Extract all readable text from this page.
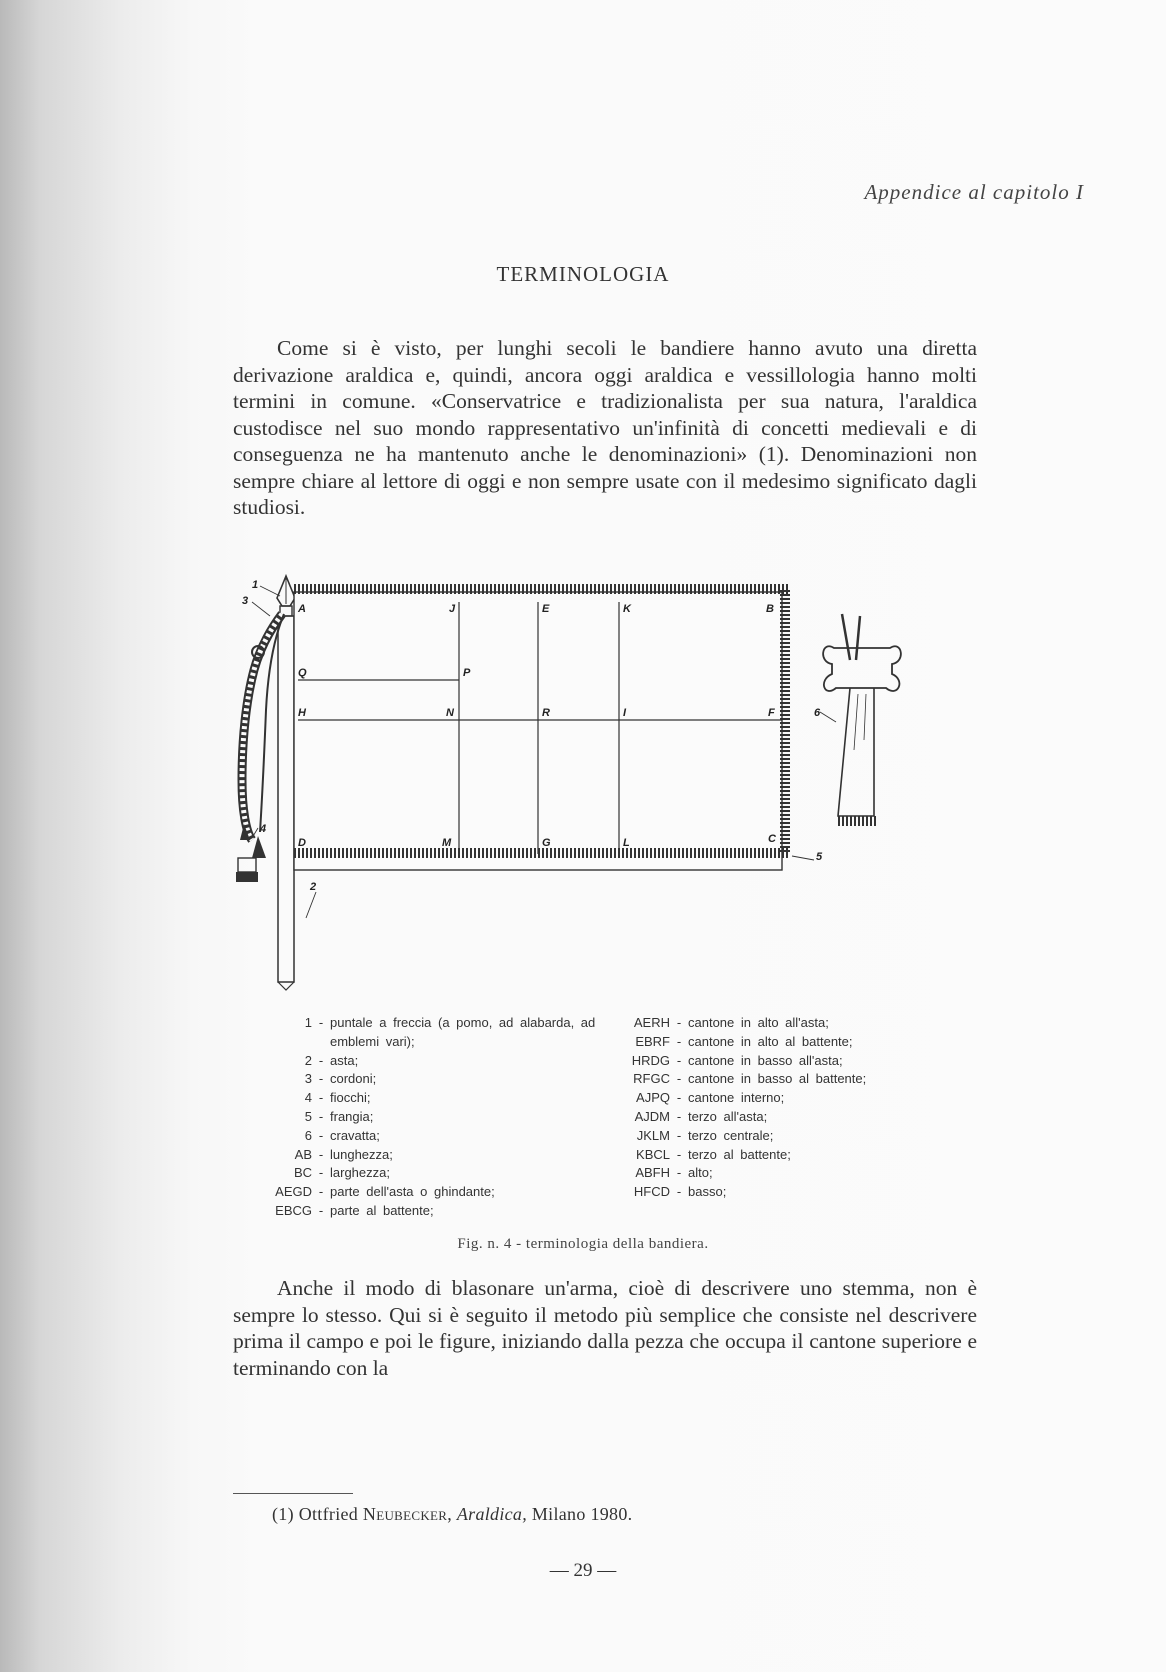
Appendice al capitolo I
TERMINOLOGIA

Come si è visto, per lunghi secoli le bandiere hanno avuto una diretta derivazione araldica e, quindi, ancora oggi araldica e vessillologia hanno molti termini in comune. «Conservatrice e tradizionalista per sua natura, l'araldica custodisce nel suo mondo rappresentativo un'infinità di concetti medievali e di conseguenza ne ha mantenuto anche le denominazioni» (1). Denominazioni non sempre chiare al lettore di oggi e non sempre usate con il medesimo significato dagli studiosi.

1
3
4
2
5
6
A	J	E	K	B
Q	P
H	N	R	I	F
D	M	G	L	C
1 - puntale a freccia (a pomo, ad alabarda, ad emblemi vari);
2 - asta;
3 - cordoni;
4 - fiocchi;
5 - frangia;
6 - cravatta;
AB - lunghezza;
BC - larghezza;
AEGD - parte dell'asta o ghindante;
EBCG - parte al battente;
AERH - cantone in alto all'asta;
EBRF - cantone in alto al battente;
HRDG - cantone in basso all'asta;
RFGC - cantone in basso al battente;
AJPQ - cantone interno;
AJDM - terzo all'asta;
JKLM - terzo centrale;
KBCL - terzo al battente;
ABFH - alto;
HFCD - basso;
Fig. n. 4 - terminologia della bandiera.

Anche il modo di blasonare un'arma, cioè di descrivere uno stemma, non è sempre lo stesso. Qui si è seguito il metodo più semplice che consiste nel descrivere prima il campo e poi le figure, iniziando dalla pezza che occupa il cantone superiore e terminando con la

(1) Ottfried Neubecker, Araldica, Milano 1980.
— 29 —
